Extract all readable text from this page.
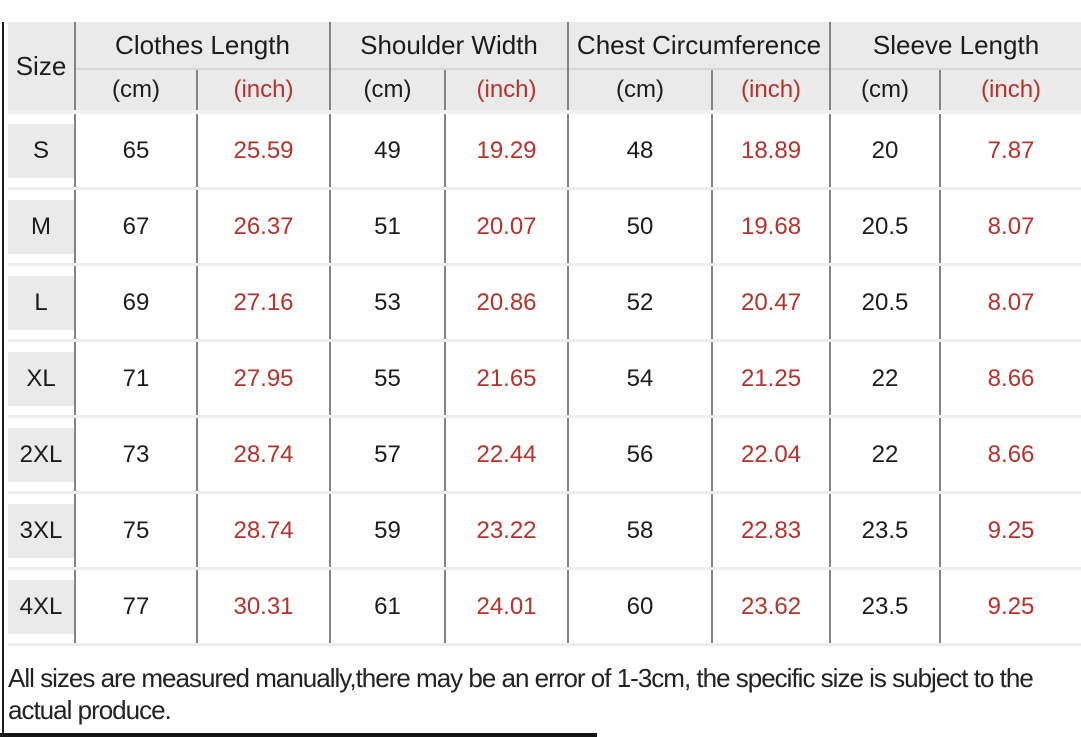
Size	Clothes Length		Shoulder Width		Chest Circumference		Sleeve Length	
	(cm)	(inch)	(cm)	(inch)	(cm)	(inch)	(cm)	(inch)

S	65	25.59	49	19.29	48	18.89	20	7.87

M	67	26.37	51	20.07	50	19.68	20.5	8.07

L	69	27.16	53	20.86	52	20.47	20.5	8.07

XL	71	27.95	55	21.65	54	21.25	22	8.66

2XL	73	28.74	57	22.44	56	22.04	22	8.66

3XL	75	28.74	59	23.22	58	22.83	23.5	9.25

4XL	77	30.31	61	24.01	60	23.62	23.5	9.25

All sizes are measured manually,there may be an error of 1-3cm, the specific size is subject to the actual produce.
